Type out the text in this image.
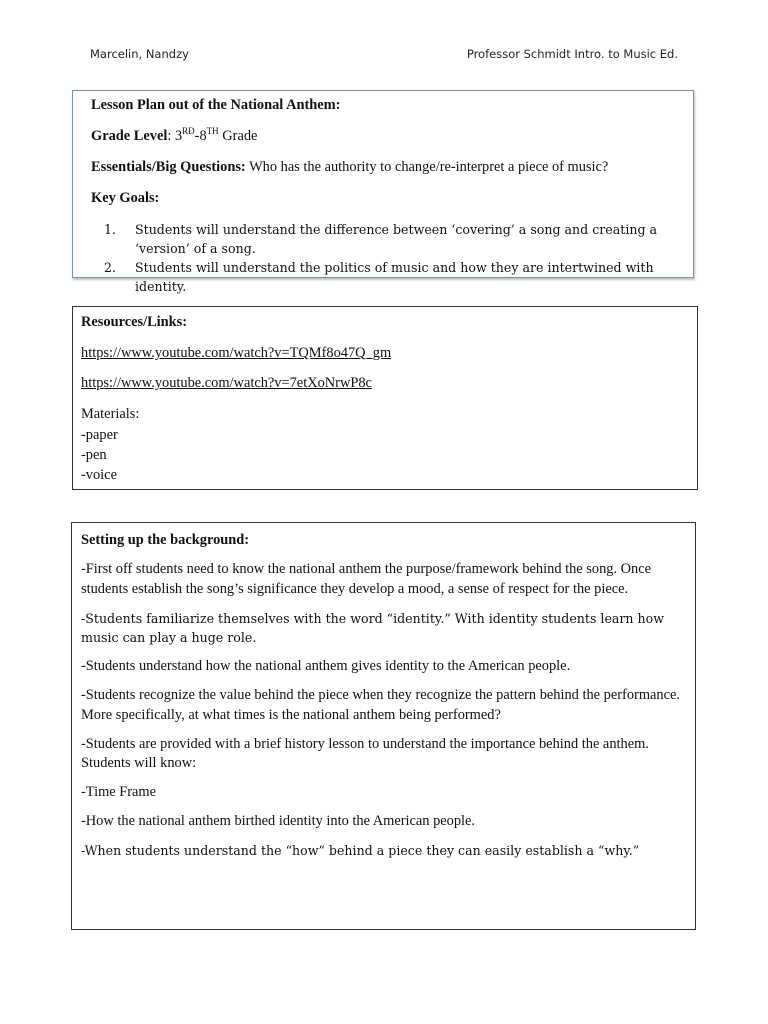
Marcelin, Nandzy	Professor Schmidt Intro. to Music Ed.
Lesson Plan out of the National Anthem:
Grade Level: 3RD-8TH Grade
Essentials/Big Questions: Who has the authority to change/re-interpret a piece of music?
Key Goals:
1.	Students will understand the difference between ‘covering’ a song and creating a ‘version’ of a song.
2.	Students will understand the politics of music and how they are intertwined with identity.
Resources/Links:
https://www.youtube.com/watch?v=TQMf8o47Q_gm
https://www.youtube.com/watch?v=7etXoNrwP8c
Materials:
-paper
-pen
-voice
Setting up the background:
-First off students need to know the national anthem the purpose/framework behind the song. Once students establish the song’s significance they develop a mood, a sense of respect for the piece.
-Students familiarize themselves with the word “identity.” With identity students learn how music can play a huge role.
-Students understand how the national anthem gives identity to the American people.
-Students recognize the value behind the piece when they recognize the pattern behind the performance. More specifically, at what times is the national anthem being performed?
-Students are provided with a brief history lesson to understand the importance behind the anthem. Students will know:
-Time Frame
-How the national anthem birthed identity into the American people.
-When students understand the “how” behind a piece they can easily establish a “why.”
